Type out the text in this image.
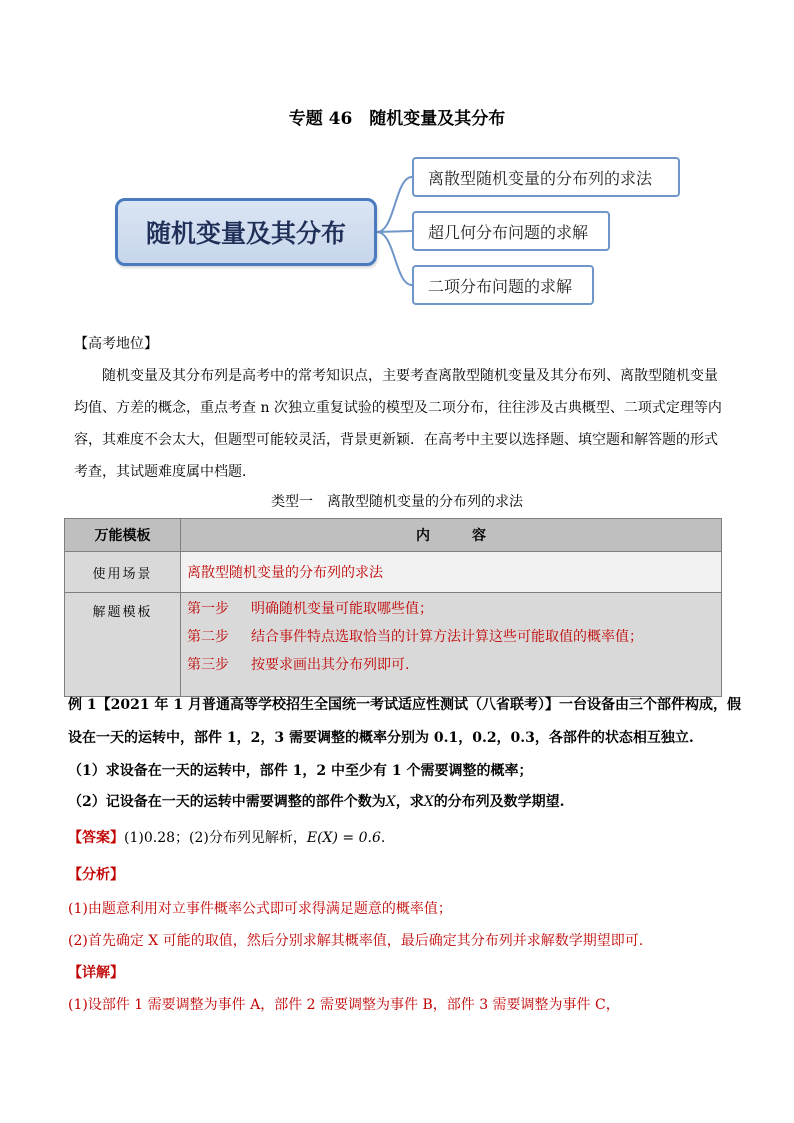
专题 46　随机变量及其分布
随机变量及其分布
离散型随机变量的分布列的求法
超几何分布问题的求解
二项分布问题的求解
【高考地位】
随机变量及其分布列是高考中的常考知识点，主要考查离散型随机变量及其分布列、离散型随机变量均值、方差的概念，重点考查 n 次独立重复试验的模型及二项分布，往往涉及古典概型、二项式定理等内容，其难度不会太大，但题型可能较灵活，背景更新颖．在高考中主要以选择题、填空题和解答题的形式考查，其试题难度属中档题．
类型一　离散型随机变量的分布列的求法
万能模板	内　　　容
使用场景	离散型随机变量的分布列的求法
解题模板	第一步　 明确随机变量可能取哪些值；
第二步　 结合事件特点选取恰当的计算方法计算这些可能取值的概率值；
第三步　 按要求画出其分布列即可.
例 1【2021 年 1 月普通高等学校招生全国统一考试适应性测试（八省联考）】一台设备由三个部件构成，假
设在一天的运转中，部件 1，2，3 需要调整的概率分别为 0.1，0.2，0.3，各部件的状态相互独立.
（1）求设备在一天的运转中，部件 1，2 中至少有 1 个需要调整的概率；
（2）记设备在一天的运转中需要调整的部件个数为X，求X的分布列及数学期望.
【答案】(1)0.28；(2)分布列见解析，E(X) = 0.6.
【分析】
(1)由题意利用对立事件概率公式即可求得满足题意的概率值；
(2)首先确定 X 可能的取值，然后分别求解其概率值，最后确定其分布列并求解数学期望即可.
【详解】
(1)设部件 1 需要调整为事件 A，部件 2 需要调整为事件 B，部件 3 需要调整为事件 C，
